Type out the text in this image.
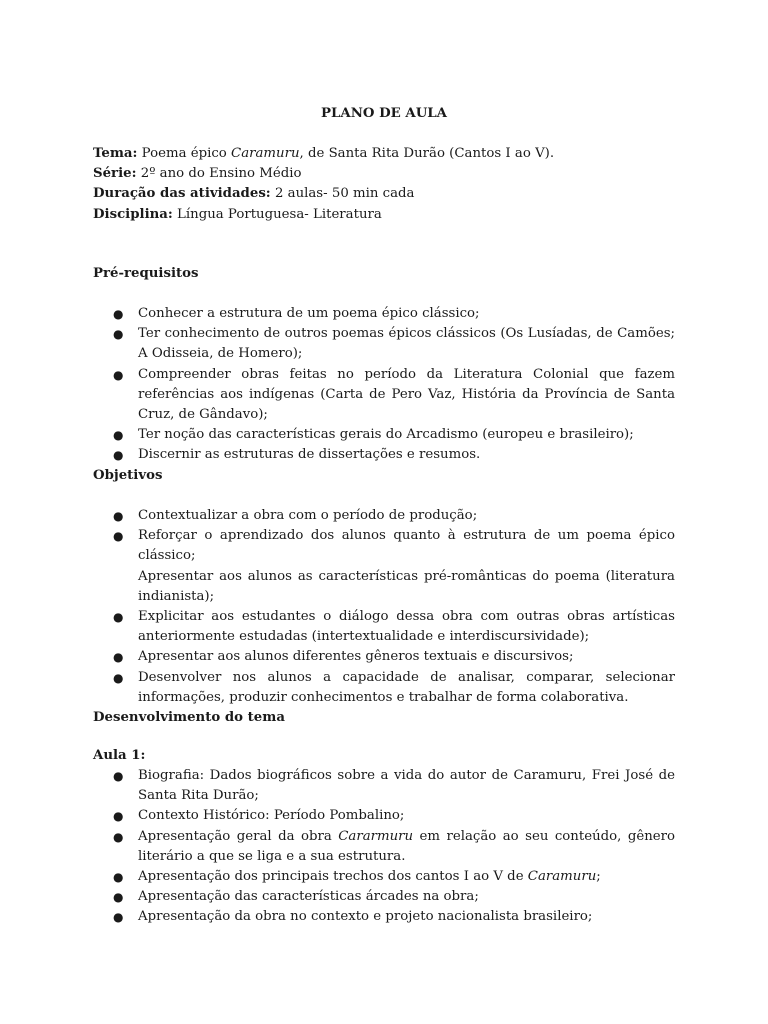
PLANO DE AULA

Tema: Poema épico Caramuru, de Santa Rita Durão (Cantos I ao V).

Série: 2º ano do Ensino Médio

Duração das atividades: 2 aulas- 50 min cada

Disciplina: Língua Portuguesa- Literatura

Pré-requisitos

● Conhecer a estrutura de um poema épico clássico;
● Ter conhecimento de outros poemas épicos clássicos (Os Lusíadas, de Camões; A Odisseia, de Homero);
● Compreender obras feitas no período da Literatura Colonial que fazem referências aos indígenas (Carta de Pero Vaz, História da Província de Santa Cruz, de Gândavo);
● Ter noção das características gerais do Arcadismo (europeu e brasileiro);
● Discernir as estruturas de dissertações e resumos.

Objetivos

● Contextualizar a obra com o período de produção;
● Reforçar o aprendizado dos alunos quanto à estrutura de um poema épico clássico;
Apresentar aos alunos as características pré-românticas do poema (literatura indianista);
● Explicitar aos estudantes o diálogo dessa obra com outras obras artísticas anteriormente estudadas (intertextualidade e interdiscursividade);
● Apresentar aos alunos diferentes gêneros textuais e discursivos;
● Desenvolver nos alunos a capacidade de analisar, comparar, selecionar informações, produzir conhecimentos e trabalhar de forma colaborativa.

Desenvolvimento do tema

Aula 1:

● Biografia: Dados biográficos sobre a vida do autor de Caramuru, Frei José de Santa Rita Durão;
● Contexto Histórico: Período Pombalino;
● Apresentação geral da obra Cararmuru em relação ao seu conteúdo, gênero literário a que se liga e a sua estrutura.
● Apresentação dos principais trechos dos cantos I ao V de Caramuru;
● Apresentação das características árcades na obra;
● Apresentação da obra no contexto e projeto nacionalista brasileiro;
